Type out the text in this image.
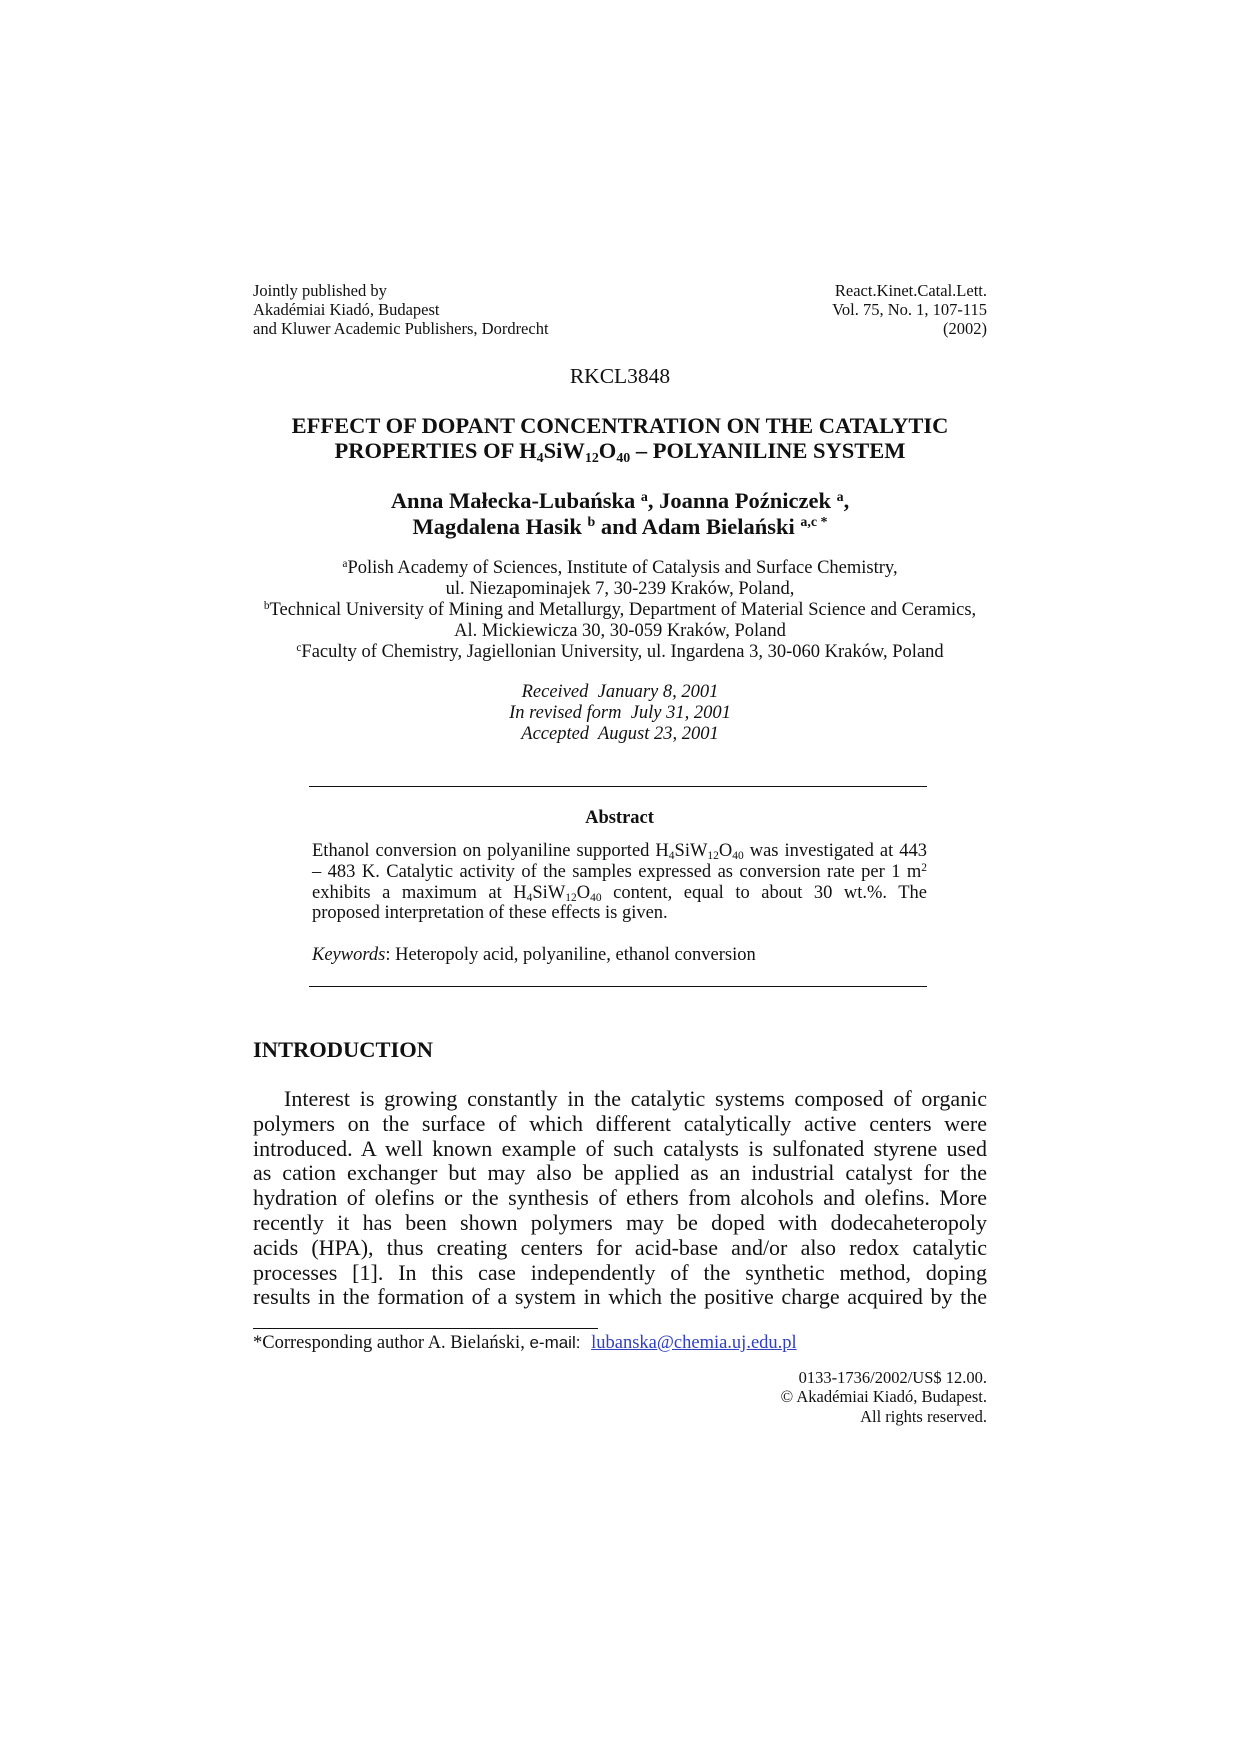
Jointly published by
Akadémiai Kiadó, Budapest
and Kluwer Academic Publishers, Dordrecht
React.Kinet.Catal.Lett.
Vol. 75, No. 1, 107-115
(2002)
RKCL3848
EFFECT OF DOPANT CONCENTRATION ON THE CATALYTIC
PROPERTIES OF $H_4SiW_{12}O_{40}$ – POLYANILINE SYSTEM
Anna Małecka-Lubańska $^a$, Joanna Poźniczek $^a$,
Magdalena Hasik $^b$ and Adam Bielański $^{a,c *}$
$^a$Polish Academy of Sciences, Institute of Catalysis and Surface Chemistry,
ul. Niezapominajek 7, 30-239 Kraków, Poland,
$^b$Technical University of Mining and Metallurgy, Department of Material Science and Ceramics,
Al. Mickiewicza 30, 30-059 Kraków, Poland
$^c$Faculty of Chemistry, Jagiellonian University, ul. Ingardena 3, 30-060 Kraków, Poland
Received  January 8, 2001
In revised form  July 31, 2001
Accepted  August 23, 2001
Abstract
Ethanol conversion on polyaniline supported $H_4SiW_{12}O_{40}$ was investigated at 443
– 483 K. Catalytic activity of the samples expressed as conversion rate per 1 $m^2$
exhibits a maximum at $H_4SiW_{12}O_{40}$ content, equal to about 30 wt.%. The
proposed interpretation of these effects is given.
Keywords: Heteropoly acid, polyaniline, ethanol conversion
INTRODUCTION
Interest is growing constantly in the catalytic systems composed of organic
polymers on the surface of which different catalytically active centers were
introduced. A well known example of such catalysts is sulfonated styrene used
as cation exchanger but may also be applied as an industrial catalyst for the
hydration of olefins or the synthesis of ethers from alcohols and olefins. More
recently it has been shown polymers may be doped with dodecaheteropoly
acids (HPA), thus creating centers for acid-base and/or also redox catalytic
processes [1]. In this case independently of the synthetic method, doping
results in the formation of a system in which the positive charge acquired by the
*Corresponding author A. Bielański, e-mail: lubanska@chemia.uj.edu.pl
0133-1736/2002/US$ 12.00.
© Akadémiai Kiadó, Budapest.
All rights reserved.
